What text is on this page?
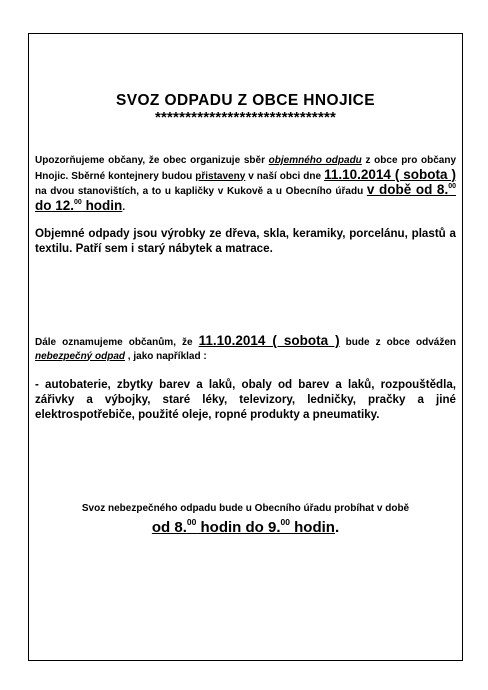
SVOZ ODPADU Z OBCE HNOJICE
******************************
Upozorňujeme občany, že obec organizuje sběr objemného odpadu z obce pro občany Hnojic. Sběrné kontejnery budou přistaveny v naší obci dne 11.10.2014 ( sobota ) na dvou stanovištích, a to u kapličky v Kukově a u Obecního úřadu v době od 8.00 do 12.00 hodin.
Objemné odpady jsou výrobky ze dřeva, skla, keramiky, porcelánu, plastů a textilu. Patří sem i starý nábytek a matrace.
Dále oznamujeme občanům, že 11.10.2014 ( sobota ) bude z obce odvážen nebezpečný odpad , jako například :
- autobaterie, zbytky barev a laků, obaly od barev a laků, rozpouštědla, zářivky a výbojky, staré léky, televizory, ledničky, pračky a jiné elektrospotřebiče, použité oleje, ropné produkty a pneumatiky.
Svoz nebezpečného odpadu bude u Obecního úřadu probíhat v době
od 8.00 hodin do 9.00 hodin.
